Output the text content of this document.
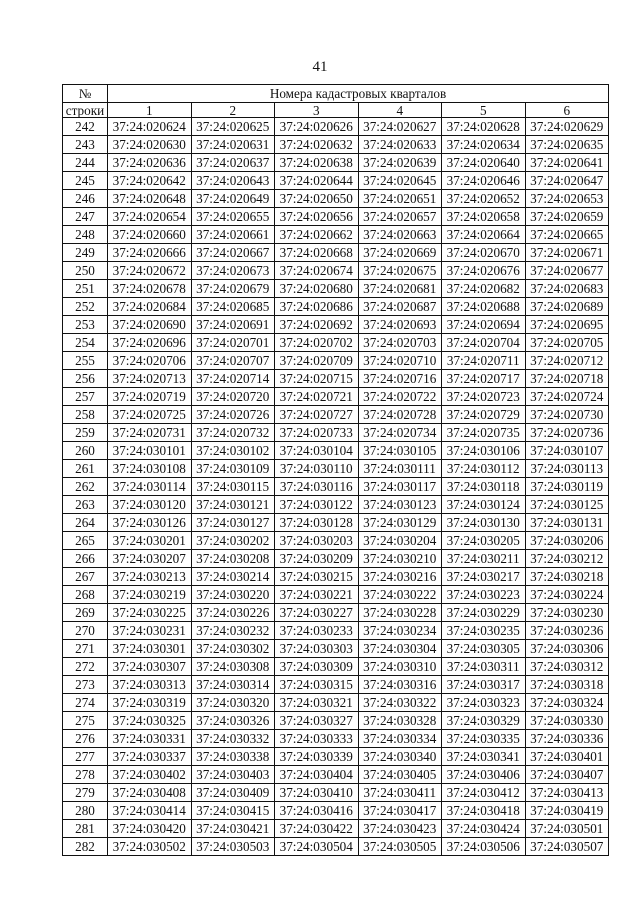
41
№	Номера кадастровых кварталов					
строки	1	2	3	4	5	6
242	37:24:020624	37:24:020625	37:24:020626	37:24:020627	37:24:020628	37:24:020629
243	37:24:020630	37:24:020631	37:24:020632	37:24:020633	37:24:020634	37:24:020635
244	37:24:020636	37:24:020637	37:24:020638	37:24:020639	37:24:020640	37:24:020641
245	37:24:020642	37:24:020643	37:24:020644	37:24:020645	37:24:020646	37:24:020647
246	37:24:020648	37:24:020649	37:24:020650	37:24:020651	37:24:020652	37:24:020653
247	37:24:020654	37:24:020655	37:24:020656	37:24:020657	37:24:020658	37:24:020659
248	37:24:020660	37:24:020661	37:24:020662	37:24:020663	37:24:020664	37:24:020665
249	37:24:020666	37:24:020667	37:24:020668	37:24:020669	37:24:020670	37:24:020671
250	37:24:020672	37:24:020673	37:24:020674	37:24:020675	37:24:020676	37:24:020677
251	37:24:020678	37:24:020679	37:24:020680	37:24:020681	37:24:020682	37:24:020683
252	37:24:020684	37:24:020685	37:24:020686	37:24:020687	37:24:020688	37:24:020689
253	37:24:020690	37:24:020691	37:24:020692	37:24:020693	37:24:020694	37:24:020695
254	37:24:020696	37:24:020701	37:24:020702	37:24:020703	37:24:020704	37:24:020705
255	37:24:020706	37:24:020707	37:24:020709	37:24:020710	37:24:020711	37:24:020712
256	37:24:020713	37:24:020714	37:24:020715	37:24:020716	37:24:020717	37:24:020718
257	37:24:020719	37:24:020720	37:24:020721	37:24:020722	37:24:020723	37:24:020724
258	37:24:020725	37:24:020726	37:24:020727	37:24:020728	37:24:020729	37:24:020730
259	37:24:020731	37:24:020732	37:24:020733	37:24:020734	37:24:020735	37:24:020736
260	37:24:030101	37:24:030102	37:24:030104	37:24:030105	37:24:030106	37:24:030107
261	37:24:030108	37:24:030109	37:24:030110	37:24:030111	37:24:030112	37:24:030113
262	37:24:030114	37:24:030115	37:24:030116	37:24:030117	37:24:030118	37:24:030119
263	37:24:030120	37:24:030121	37:24:030122	37:24:030123	37:24:030124	37:24:030125
264	37:24:030126	37:24:030127	37:24:030128	37:24:030129	37:24:030130	37:24:030131
265	37:24:030201	37:24:030202	37:24:030203	37:24:030204	37:24:030205	37:24:030206
266	37:24:030207	37:24:030208	37:24:030209	37:24:030210	37:24:030211	37:24:030212
267	37:24:030213	37:24:030214	37:24:030215	37:24:030216	37:24:030217	37:24:030218
268	37:24:030219	37:24:030220	37:24:030221	37:24:030222	37:24:030223	37:24:030224
269	37:24:030225	37:24:030226	37:24:030227	37:24:030228	37:24:030229	37:24:030230
270	37:24:030231	37:24:030232	37:24:030233	37:24:030234	37:24:030235	37:24:030236
271	37:24:030301	37:24:030302	37:24:030303	37:24:030304	37:24:030305	37:24:030306
272	37:24:030307	37:24:030308	37:24:030309	37:24:030310	37:24:030311	37:24:030312
273	37:24:030313	37:24:030314	37:24:030315	37:24:030316	37:24:030317	37:24:030318
274	37:24:030319	37:24:030320	37:24:030321	37:24:030322	37:24:030323	37:24:030324
275	37:24:030325	37:24:030326	37:24:030327	37:24:030328	37:24:030329	37:24:030330
276	37:24:030331	37:24:030332	37:24:030333	37:24:030334	37:24:030335	37:24:030336
277	37:24:030337	37:24:030338	37:24:030339	37:24:030340	37:24:030341	37:24:030401
278	37:24:030402	37:24:030403	37:24:030404	37:24:030405	37:24:030406	37:24:030407
279	37:24:030408	37:24:030409	37:24:030410	37:24:030411	37:24:030412	37:24:030413
280	37:24:030414	37:24:030415	37:24:030416	37:24:030417	37:24:030418	37:24:030419
281	37:24:030420	37:24:030421	37:24:030422	37:24:030423	37:24:030424	37:24:030501
282	37:24:030502	37:24:030503	37:24:030504	37:24:030505	37:24:030506	37:24:030507
